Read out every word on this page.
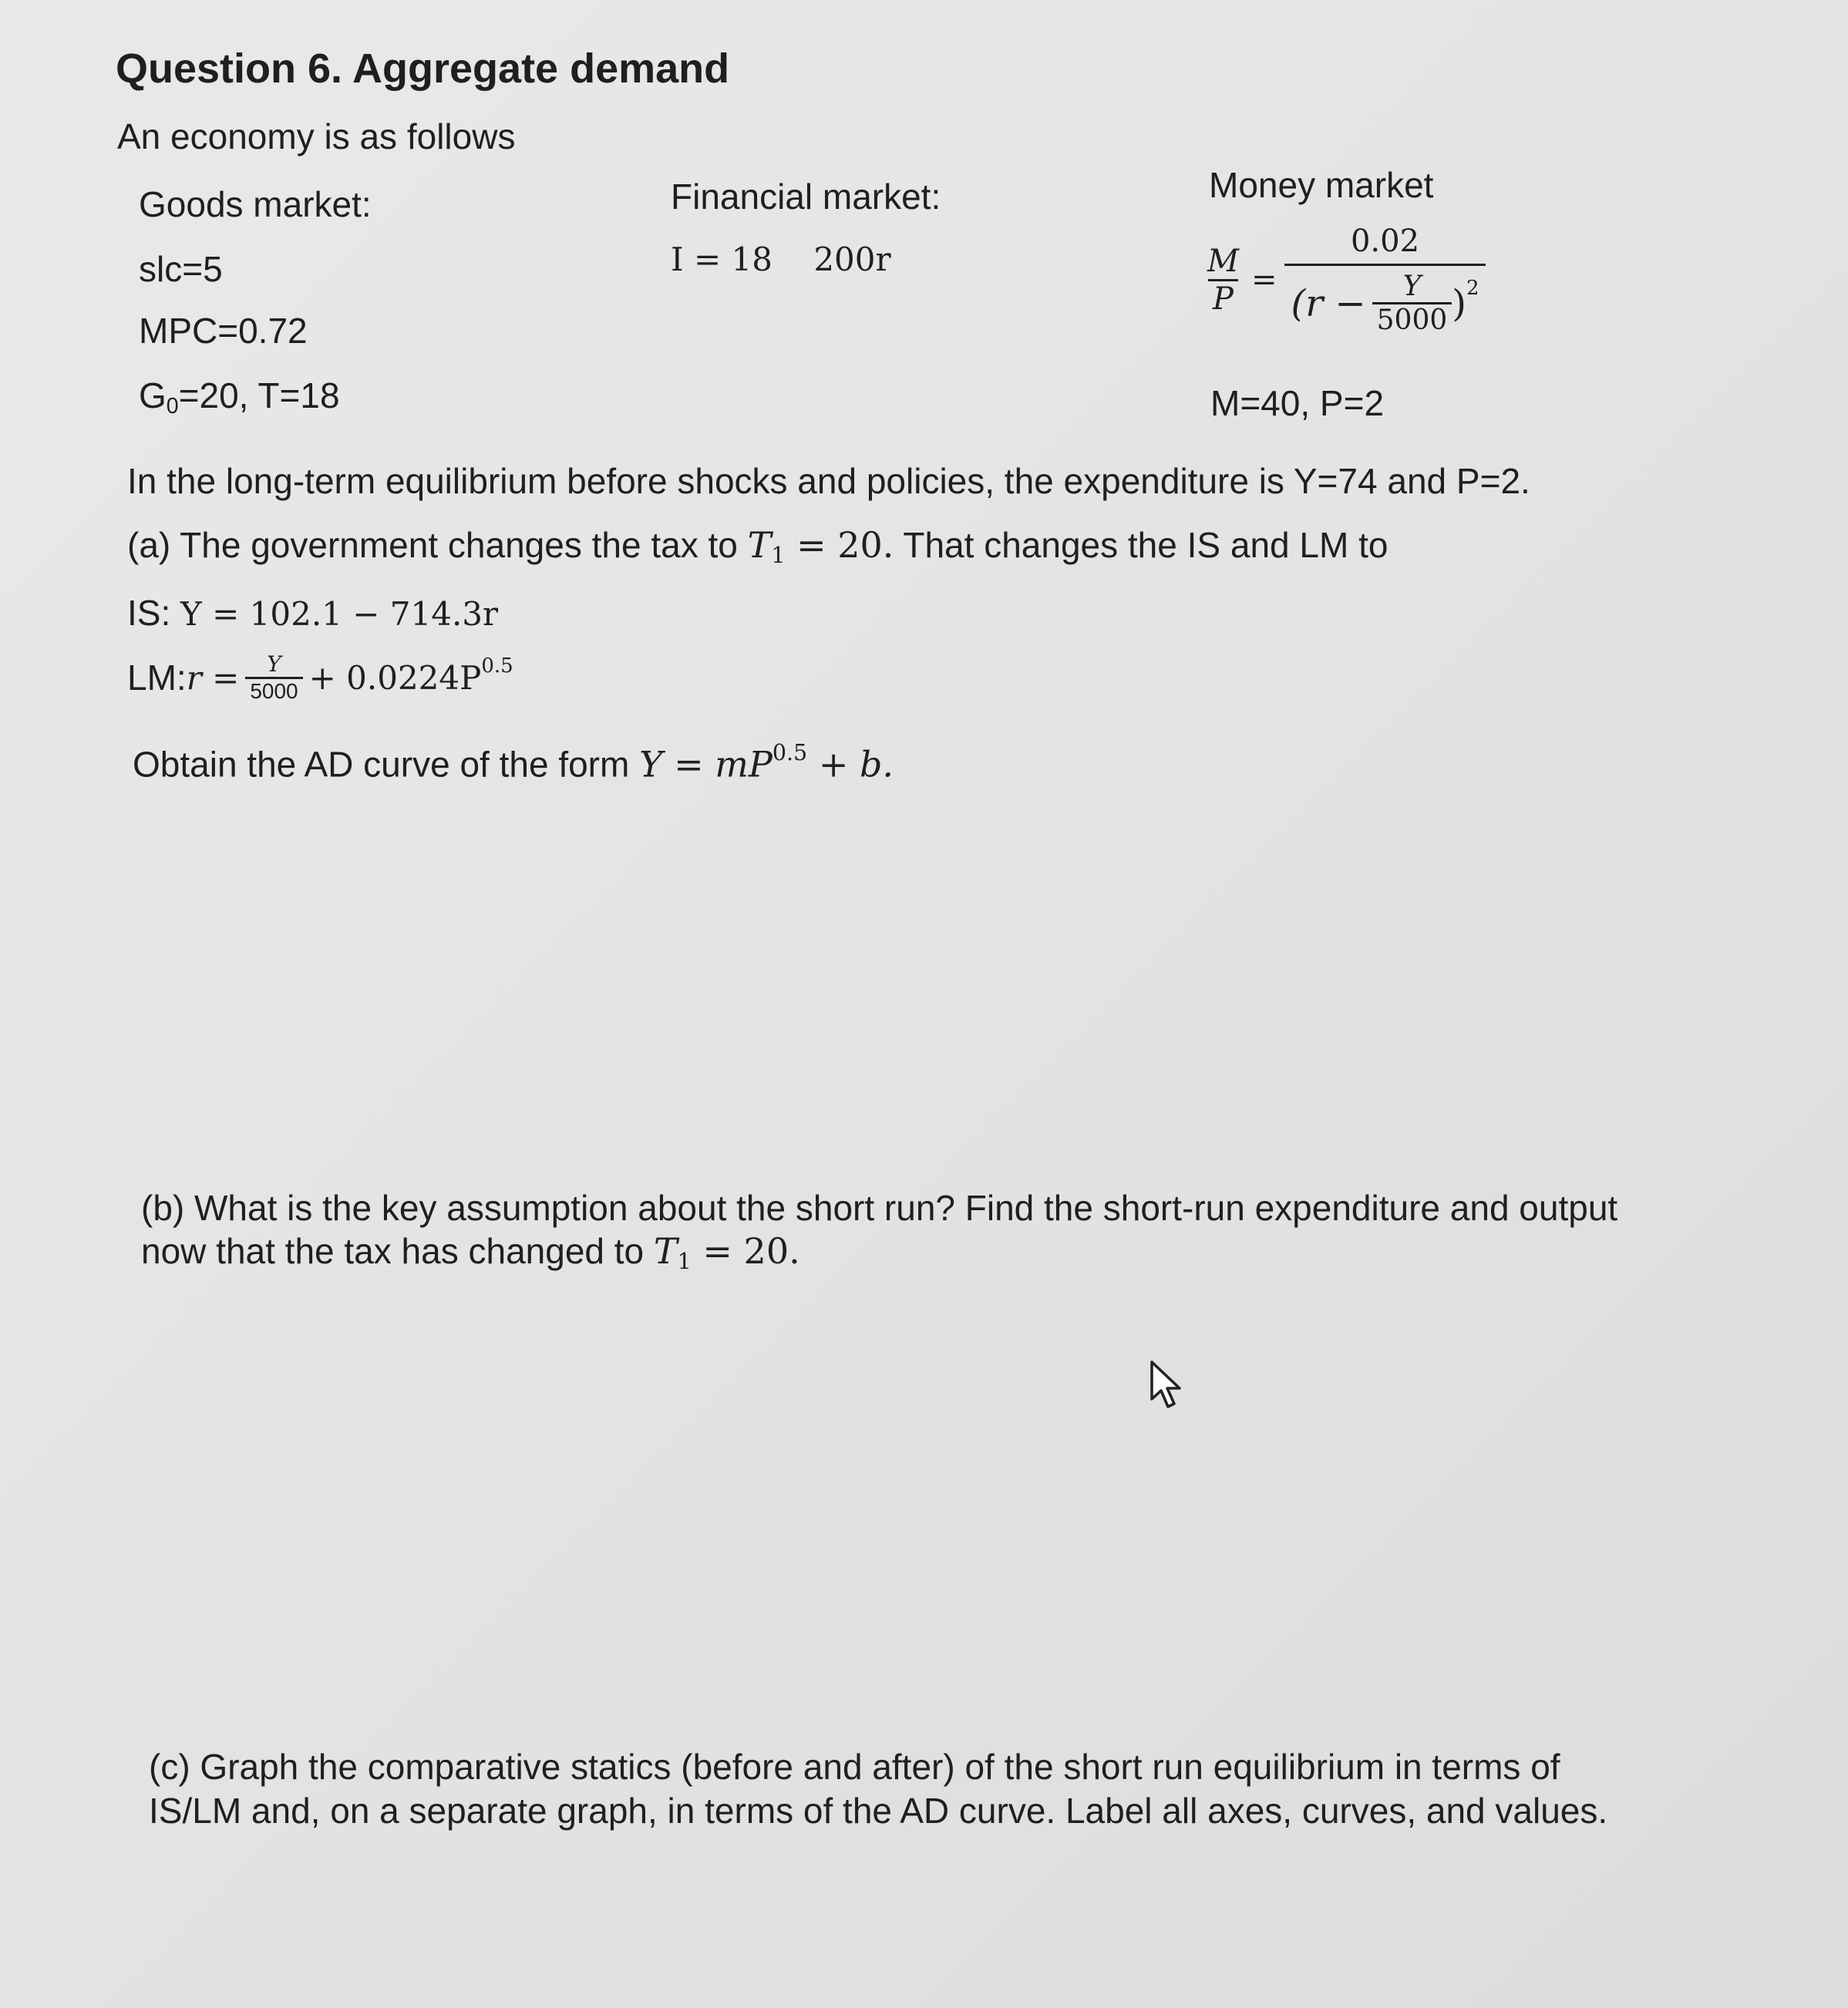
Question 6. Aggregate demand
An economy is as follows
Goods market:
slc=5
MPC=0.72
$G_0=20$, T=18
Financial market:
I = 18    200r
Money market
$\frac{M}{P}$ =
0.02
($r - \frac{Y}{5000}$ ) 2
M=40, P=2
In the long-term equilibrium before shocks and policies, the expenditure is Y=74 and P=2.
(a) The government changes the tax to $T_1 = 20$. That changes the IS and LM to
IS: Y = 102.1 − 714.3r
LM: $r = \frac{Y}{5000} + 0.0224P$ 0.5
Obtain the AD curve of the form $Y = mP^{0.5} + b$.
(b) What is the key assumption about the short run? Find the short-run expenditure and output
now that the tax has changed to $T_1 = 20$.
(c) Graph the comparative statics (before and after) of the short run equilibrium in terms of
IS/LM and, on a separate graph, in terms of the AD curve. Label all axes, curves, and values.
